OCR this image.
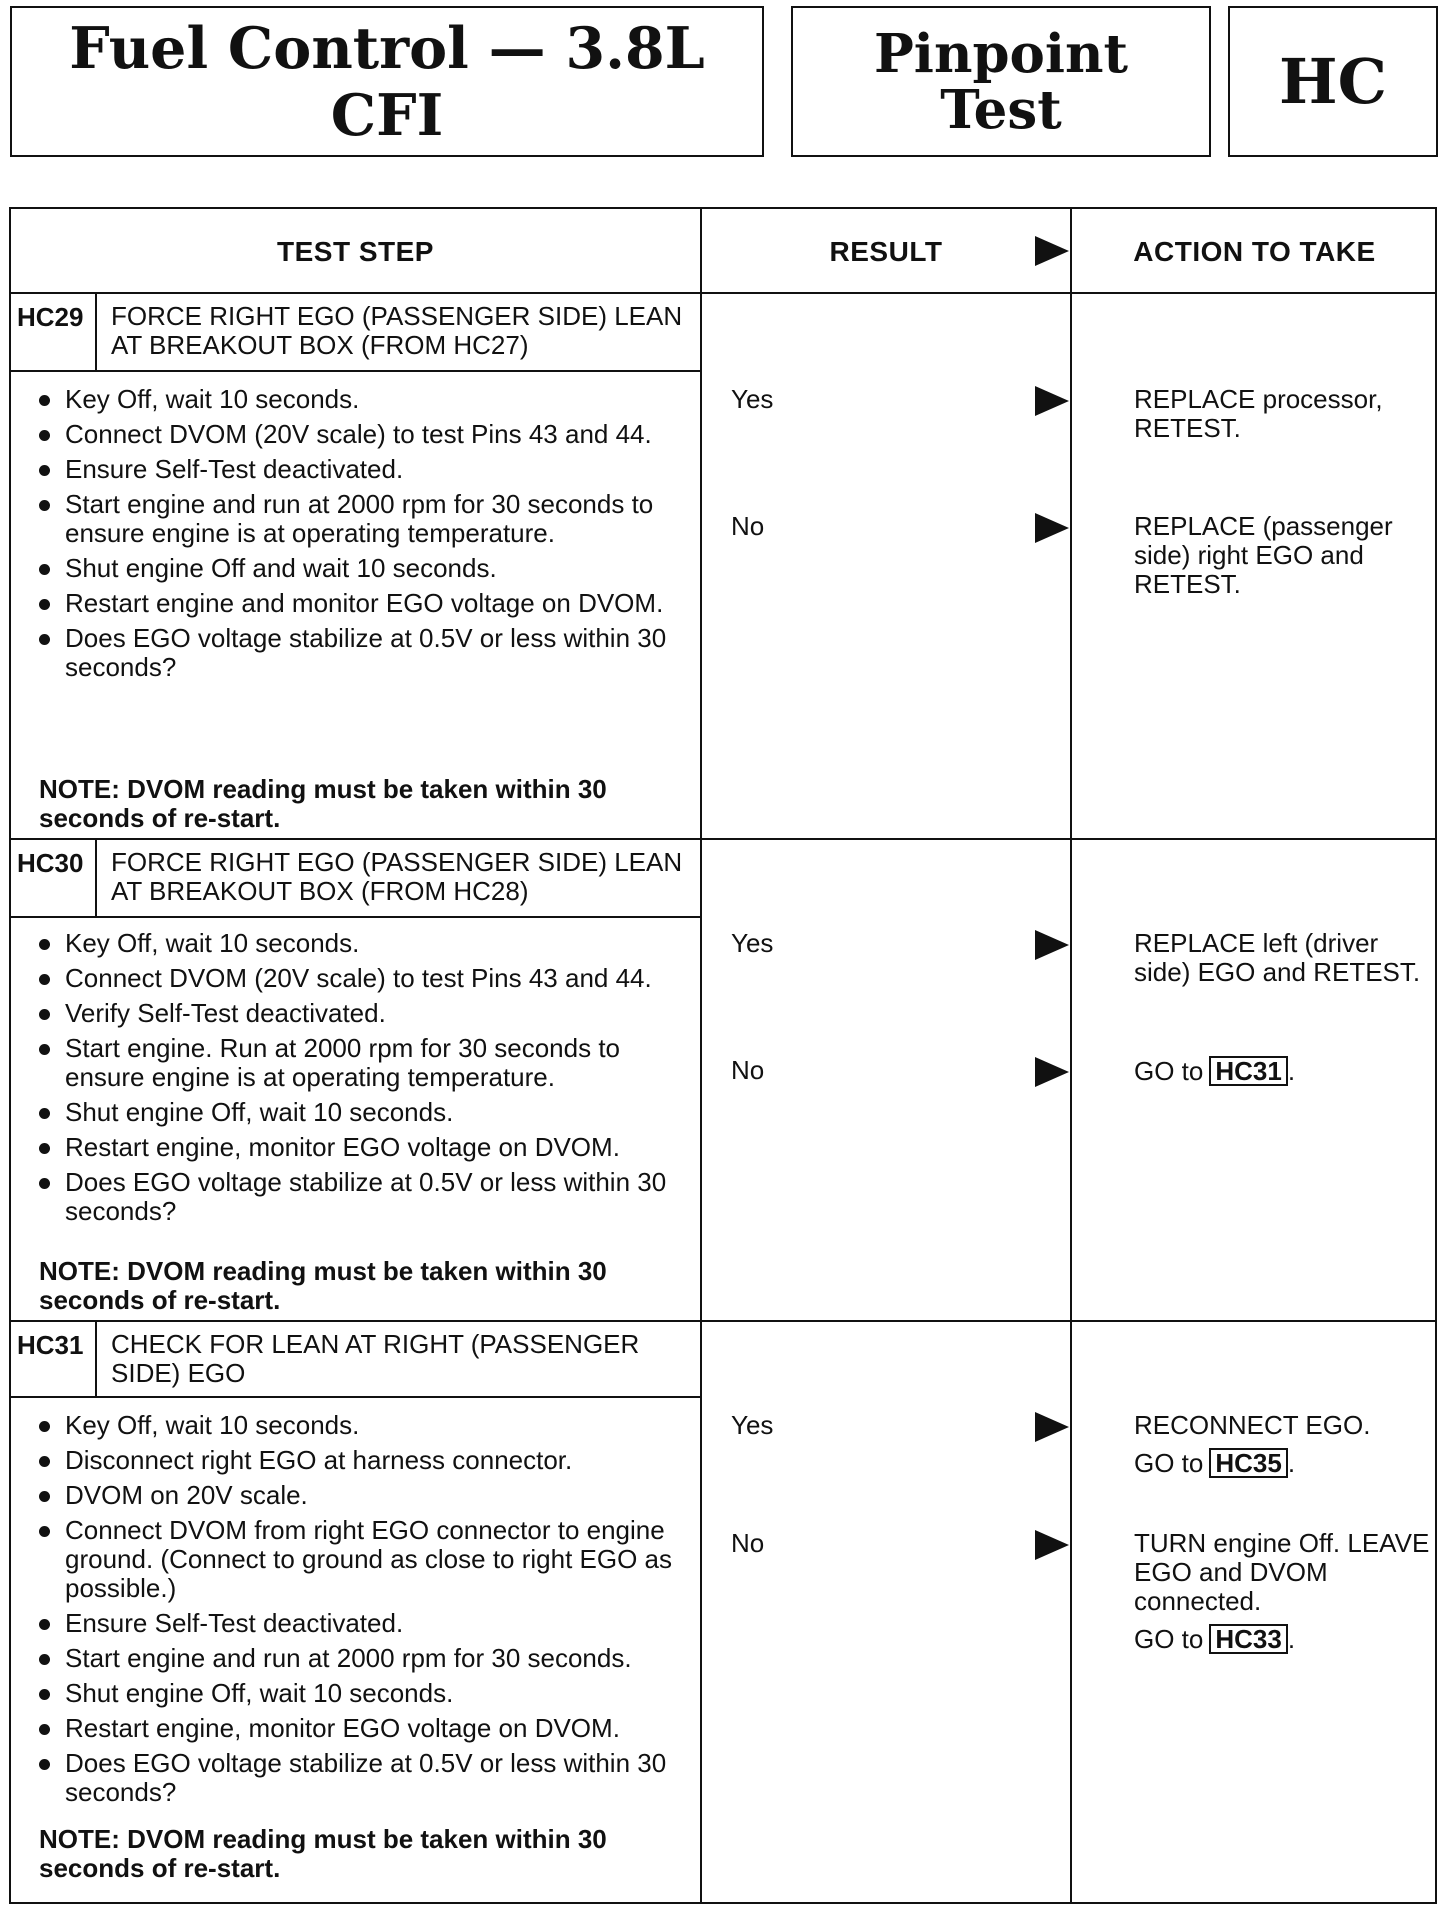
Fuel Control — 3.8L CFI
Pinpoint
Test	HC
TEST STEP	RESULT	ACTION TO TAKE
HC29	FORCE RIGHT EGO (PASSENGER SIDE) LEAN AT BREAKOUT BOX (FROM HC27)
Key Off, wait 10 seconds.
Connect DVOM (20V scale) to test Pins 43 and 44.
Ensure Self-Test deactivated.
Start engine and run at 2000 rpm for 30 seconds to ensure engine is at operating temperature.
Shut engine Off and wait 10 seconds.
Restart engine and monitor EGO voltage on DVOM.
Does EGO voltage stabilize at 0.5V or less within 30 seconds?
NOTE: DVOM reading must be taken within 30 seconds of re-start.
Yes	REPLACE processor, RETEST.

No	REPLACE (passenger side) right EGO and RETEST.

HC30	FORCE RIGHT EGO (PASSENGER SIDE) LEAN AT BREAKOUT BOX (FROM HC28)
Key Off, wait 10 seconds.
Connect DVOM (20V scale) to test Pins 43 and 44.
Verify Self-Test deactivated.
Start engine. Run at 2000 rpm for 30 seconds to ensure engine is at operating temperature.
Shut engine Off, wait 10 seconds.
Restart engine, monitor EGO voltage on DVOM.
Does EGO voltage stabilize at 0.5V or less within 30 seconds?
NOTE: DVOM reading must be taken within 30 seconds of re-start.
Yes	REPLACE left (driver side) EGO and RETEST.

No	GO to HC31 .

HC31	CHECK FOR LEAN AT RIGHT (PASSENGER SIDE) EGO
Key Off, wait 10 seconds.
Disconnect right EGO at harness connector.
DVOM on 20V scale.
Connect DVOM from right EGO connector to engine ground. (Connect to ground as close to right EGO as possible.)
Ensure Self-Test deactivated.
Start engine and run at 2000 rpm for 30 seconds.
Shut engine Off, wait 10 seconds.
Restart engine, monitor EGO voltage on DVOM.
Does EGO voltage stabilize at 0.5V or less within 30 seconds?
NOTE: DVOM reading must be taken within 30 seconds of re-start.
Yes	RECONNECT EGO.

GO to HC35 .

No	TURN engine Off. LEAVE EGO and DVOM connected.

GO to HC33 .
